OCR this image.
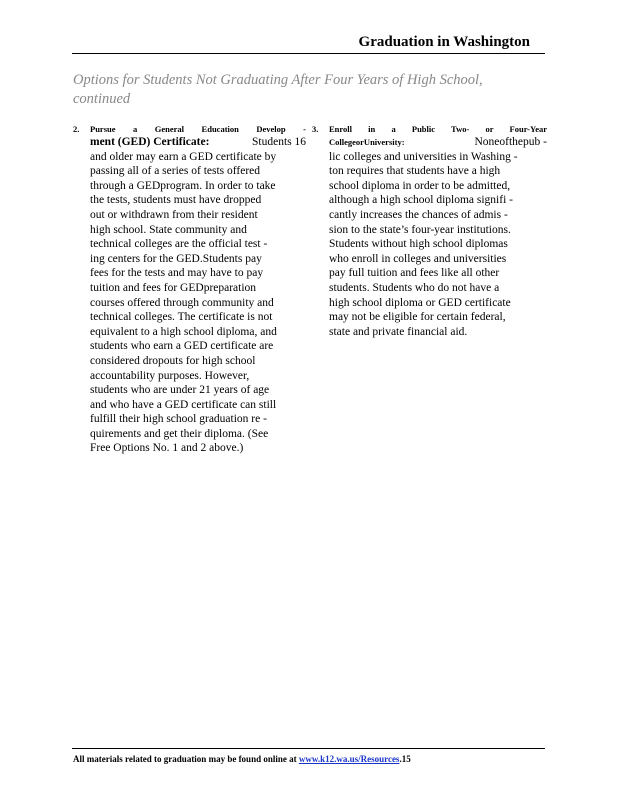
Graduation in Washington
Options for Students Not Graduating After Four Years of High School, continued
2.	Pursue a General Education Develop -
ment (GED) Certificate:	Students 16
and older may earn a GED certificate by
passing all of a series of tests offered
through a GEDprogram. In order to take
the tests, students must have dropped
out or withdrawn from their resident
high school. State community and
technical colleges are the official test -
ing centers for the GED.Students pay
fees for the tests and may have to pay
tuition and fees for GEDpreparation
courses offered through community and
technical colleges. The certificate is not
equivalent to a high school diploma, and
students who earn a GED certificate are
considered dropouts for high school
accountability purposes. However,
students who are under 21 years of age
and who have a GED certificate can still
fulfill their high school graduation re -
quirements and get their diploma. (See
Free Options No. 1 and 2 above.)
3.	Enroll in a Public Two- or Four-Year
CollegeorUniversity:	Noneofthepub -
lic colleges and universities in Washing -
ton requires that students have a high
school diploma in order to be admitted,
although a high school diploma signifi -
cantly increases the chances of admis -
sion to the state’s four-year institutions.
Students without high school diplomas
who enroll in colleges and universities
pay full tuition and fees like all other
students. Students who do not have a
high school diploma or GED certificate
may not be eligible for certain federal,
state and private financial aid.
All materials related to graduation may be found online at www.k12.wa.us/Resources.15
